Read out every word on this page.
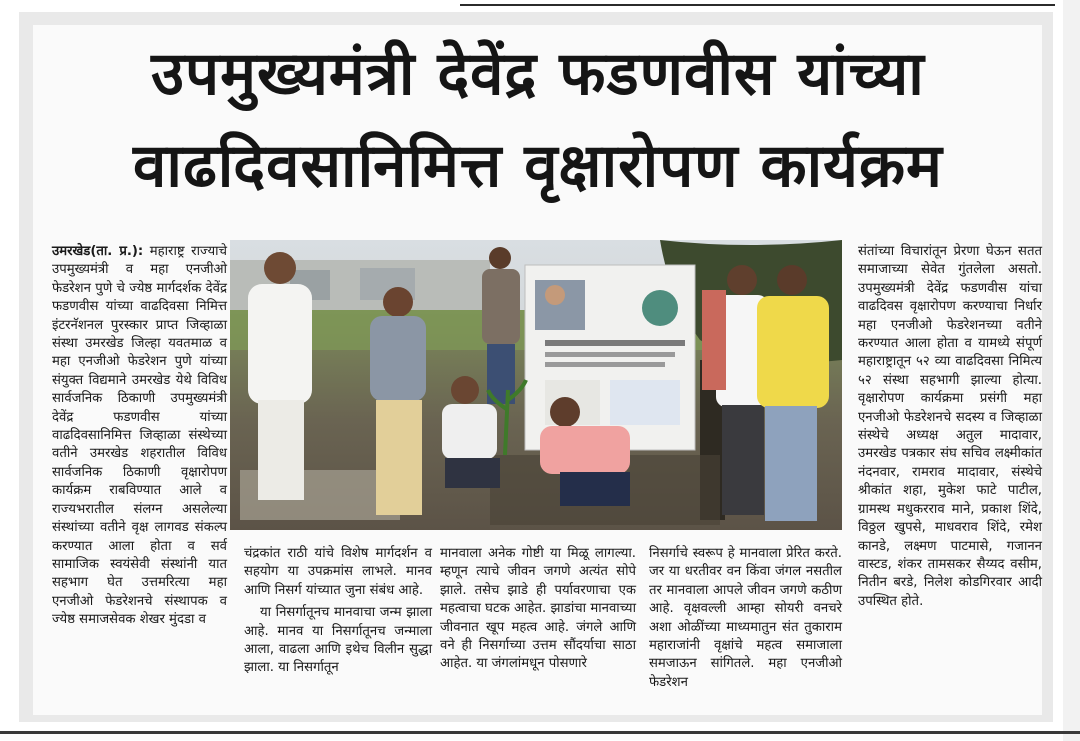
उपमुख्यमंत्री देवेंद्र फडणवीस यांच्या
वाढदिवसानिमित्त वृक्षारोपण कार्यक्रम
उमरखेड(ता. प्र.): महाराष्ट्र राज्याचे उपमुख्यमंत्री व महा एनजीओ फेडरेशन पुणे चे ज्येष्ठ मार्गदर्शक देवेंद्र फडणवीस यांच्या वाढदिवसा निमित्त इंटरनॅशनल पुरस्कार प्राप्त जिव्हाळा संस्था उमरखेड जिल्हा यवतमाळ व महा एनजीओ फेडरेशन पुणे यांच्या संयुक्त विद्यमाने उमरखेड येथे विविध सार्वजनिक ठिकाणी उपमुख्यमंत्री देवेंद्र फडणवीस यांच्या वाढदिवसानिमित्त जिव्हाळा संस्थेच्या वतीने उमरखेड शहरातील विविध सार्वजनिक ठिकाणी वृक्षारोपण कार्यक्रम राबविण्यात आले व राज्यभरातील संलग्न असलेल्या संस्थांच्या वतीने वृक्ष लागवड संकल्प करण्यात आला होता व सर्व सामाजिक स्वयंसेवी संस्थांनी यात सहभाग घेत उत्तमरित्या महा एनजीओ फेडरेशनचे संस्थापक व ज्येष्ठ समाजसेवक शेखर मुंदडा व
चंद्रकांत राठी यांचे विशेष मार्गदर्शन व सहयोग या उपक्रमांस लाभले. मानव आणि निसर्ग यांच्यात जुना संबंध आहे.
या निसर्गातूनच मानवाचा जन्म झाला आहे. मानव या निसर्गातूनच जन्माला आला, वाढला आणि इथेच विलीन सुद्धा झाला. या निसर्गातून
मानवाला अनेक गोष्टी या मिळू लागल्या. म्हणून त्याचे जीवन जगणे अत्यंत सोपे झाले. तसेच झाडे ही पर्यावरणाचा एक महत्वाचा घटक आहेत. झाडांचा मानवाच्या जीवनात खूप महत्व आहे. जंगले आणि वने ही निसर्गाच्या उत्तम सौंदर्याचा साठा आहेत. या जंगलांमधून पोसणारे
निसर्गाचे स्वरूप हे मानवाला प्रेरित करते. जर या धरतीवर वन किंवा जंगल नसतील तर मानवाला आपले जीवन जगणे कठीण आहे. वृक्षवल्ली आम्हा सोयरी वनचरे अशा ओळींच्या माध्यमातुन संत तुकाराम महाराजांनी वृक्षांचे महत्व समाजाला समजाऊन सांगितले. महा एनजीओ फेडरेशन
संतांच्या विचारांतून प्रेरणा घेऊन सतत समाजाच्या सेवेत गुंतलेला असतो. उपमुख्यमंत्री देवेंद्र फडणवीस यांचा वाढदिवस वृक्षारोपण करण्याचा निर्धार महा एनजीओ फेडरेशनच्या वतीने करण्यात आला होता व यामध्ये संपूर्ण महाराष्ट्रातून ५२ व्या वाढदिवसा निमित्य ५२ संस्था सहभागी झाल्या होत्या. वृक्षारोपण कार्यक्रमा प्रसंगी महा एनजीओ फेडरेशनचे सदस्य व जिव्हाळा संस्थेचे अध्यक्ष अतुल मादावार, उमरखेड पत्रकार संघ सचिव लक्ष्मीकांत नंदनवार, रामराव मादावार, संस्थेचे श्रीकांत शहा, मुकेश फाटे पाटील, ग्रामस्थ मधुकरराव माने, प्रकाश शिंदे, विठ्ठल खुपसे, माधवराव शिंदे, रमेश कानडे, लक्ष्मण पाटमासे, गजानन वास्टड, शंकर तामसकर सैय्यद वसीम, नितीन बरडे, निलेश कोडगिरवार आदी उपस्थित होते.
